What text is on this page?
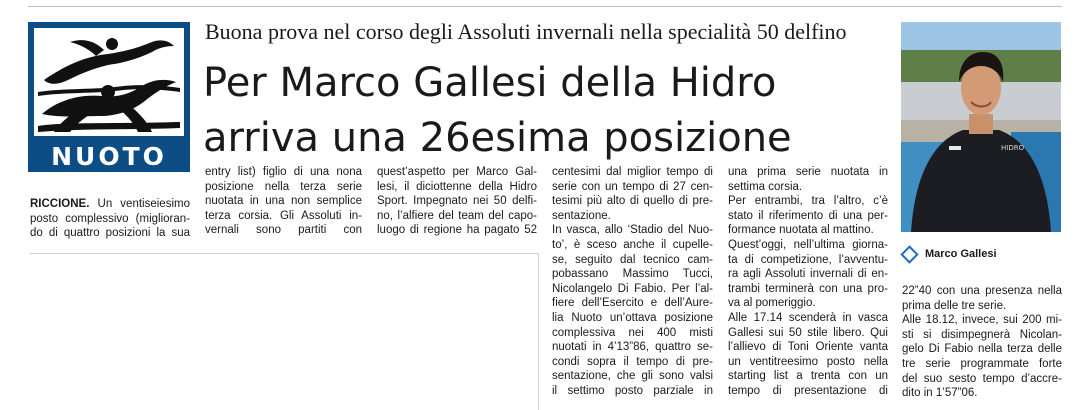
NUOTO
Buona prova nel corso degli Assoluti invernali nella specialità 50 delfino
Per Marco Gallesi della Hidro
arriva una 26esima posizione
RICCIONE. Un ventiseiesimo
posto complessivo (miglioran-
do di quattro posizioni la sua
entry list) figlio di una nona
posizione nella terza serie
nuotata in una non semplice
terza corsia. Gli Assoluti in-
vernali sono partiti con
quest’aspetto per Marco Gal-
lesi, il diciottenne della Hidro
Sport. Impegnato nei 50 delfi-
no, l’alfiere del team del capo-
luogo di regione ha pagato 52
centesimi dal miglior tempo di
serie con un tempo di 27 cen-
tesimi più alto di quello di pre-
sentazione.
In vasca, allo ‘Stadio del Nuo-
to’, è sceso anche il cupelle-
se, seguito dal tecnico cam-
pobassano Massimo Tucci,
Nicolangelo Di Fabio. Per l’al-
fiere dell’Esercito e dell’Aure-
lia Nuoto un’ottava posizione
complessiva nei 400 misti
nuotati in 4’13”86, quattro se-
condi sopra il tempo di pre-
sentazione, che gli sono valsi
il settimo posto parziale in
una prima serie nuotata in
settima corsia.
Per entrambi, tra l’altro, c’è
stato il riferimento di una per-
formance nuotata al mattino.
Quest’oggi, nell’ultima giorna-
ta di competizione, l’avventu-
ra agli Assoluti invernali di en-
trambi terminerà con una pro-
va al pomeriggio.
Alle 17.14 scenderà in vasca
Gallesi sui 50 stile libero. Qui
l’allievo di Toni Oriente vanta
un ventitreesimo posto nella
starting list a trenta con un
tempo di presentazione di
HIDRO
Marco Gallesi
22”40 con una presenza nella
prima delle tre serie.
Alle 18.12, invece, sui 200 mi-
sti si disimpegnerà Nicolan-
gelo Di Fabio nella terza delle
tre serie programmate forte
del suo sesto tempo d’accre-
dito in 1’57”06.
